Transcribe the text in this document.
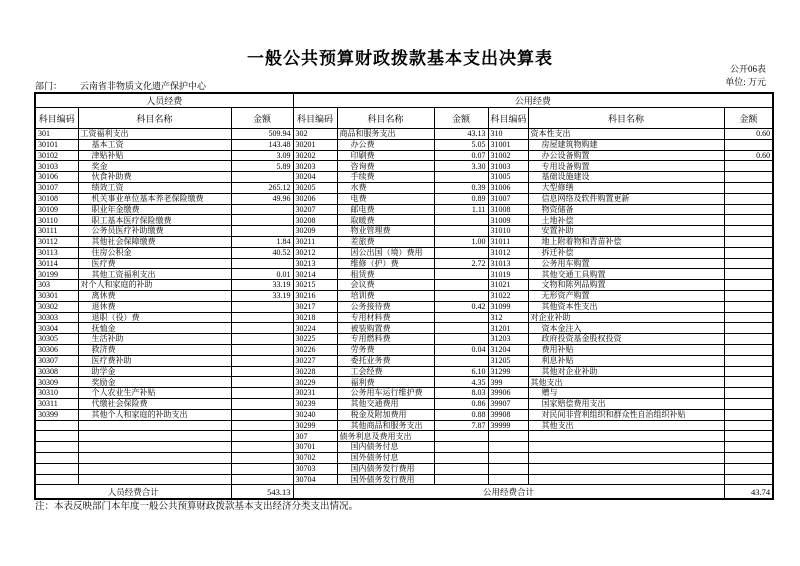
一般公共预算财政拨款基本支出决算表
公开06表
单位: 万元
部门： 云南省非物质文化遗产保护中心
人员经费			公用经费					
科目编码	科目名称	金额	科目编码	科目名称	金额	科目编码	科目名称	金额
301	工资福利支出	509.94	302	商品和服务支出	43.13	310	资本性支出	0.60
30101	基本工资	143.48	30201	办公费	5.05	31001	房屋建筑物购建	
30102	津贴补贴	3.09	30202	印刷费	0.07	31002	办公设备购置	0.60
30103	奖金	5.89	30203	咨询费	3.30	31003	专用设备购置	
30106	伙食补助费		30204	手续费		31005	基础设施建设	
30107	绩效工资	265.12	30205	水费	0.39	31006	大型修缮	
30108	机关事业单位基本养老保险缴费	49.96	30206	电费	0.89	31007	信息网络及软件购置更新	
30109	职业年金缴费		30207	邮电费	1.11	31008	物资储备	
30110	职工基本医疗保险缴费		30208	取暖费		31009	土地补偿	
30111	公务员医疗补助缴费		30209	物业管理费		31010	安置补助	
30112	其他社会保障缴费	1.84	30211	差旅费	1.00	31011	地上附着物和青苗补偿	
30113	住房公积金	40.52	30212	因公出国（境）费用		31012	拆迁补偿	
30114	医疗费		30213	维修（护）费	2.72	31013	公务用车购置	
30199	其他工资福利支出	0.01	30214	租赁费		31019	其他交通工具购置	
303	对个人和家庭的补助	33.19	30215	会议费		31021	文物和陈列品购置	
30301	离休费	33.19	30216	培训费		31022	无形资产购置	
30302	退休费		30217	公务接待费	0.42	31099	其他资本性支出	
30303	退职（役）费		30218	专用材料费		312	对企业补助	
30304	抚恤金		30224	被装购置费		31201	资本金注入	
30305	生活补助		30225	专用燃料费		31203	政府投资基金股权投资	
30306	救济费		30226	劳务费	0.04	31204	费用补贴	
30307	医疗费补助		30227	委托业务费		31205	利息补贴	
30308	助学金		30228	工会经费	6.10	31299	其他对企业补助	
30309	奖励金		30229	福利费	4.35	399	其他支出	
30310	个人农业生产补贴		30231	公务用车运行维护费	8.03	39906	赠与	
30311	代缴社会保险费		30239	其他交通费用	0.86	39907	国家赔偿费用支出	
30399	其他个人和家庭的补助支出		30240	税金及附加费用	0.88	39908	对民间非营利组织和群众性自治组织补贴	
			30299	其他商品和服务支出	7.87	39999	其他支出	
			307	债务利息及费用支出				
			30701	国内债务付息				
			30702	国外债务付息				
			30703	国内债务发行费用				
			30704	国外债务发行费用				
人员经费合计		543.13	公用经费合计					43.74
注：本表反映部门本年度一般公共预算财政拨款基本支出经济分类支出情况。
